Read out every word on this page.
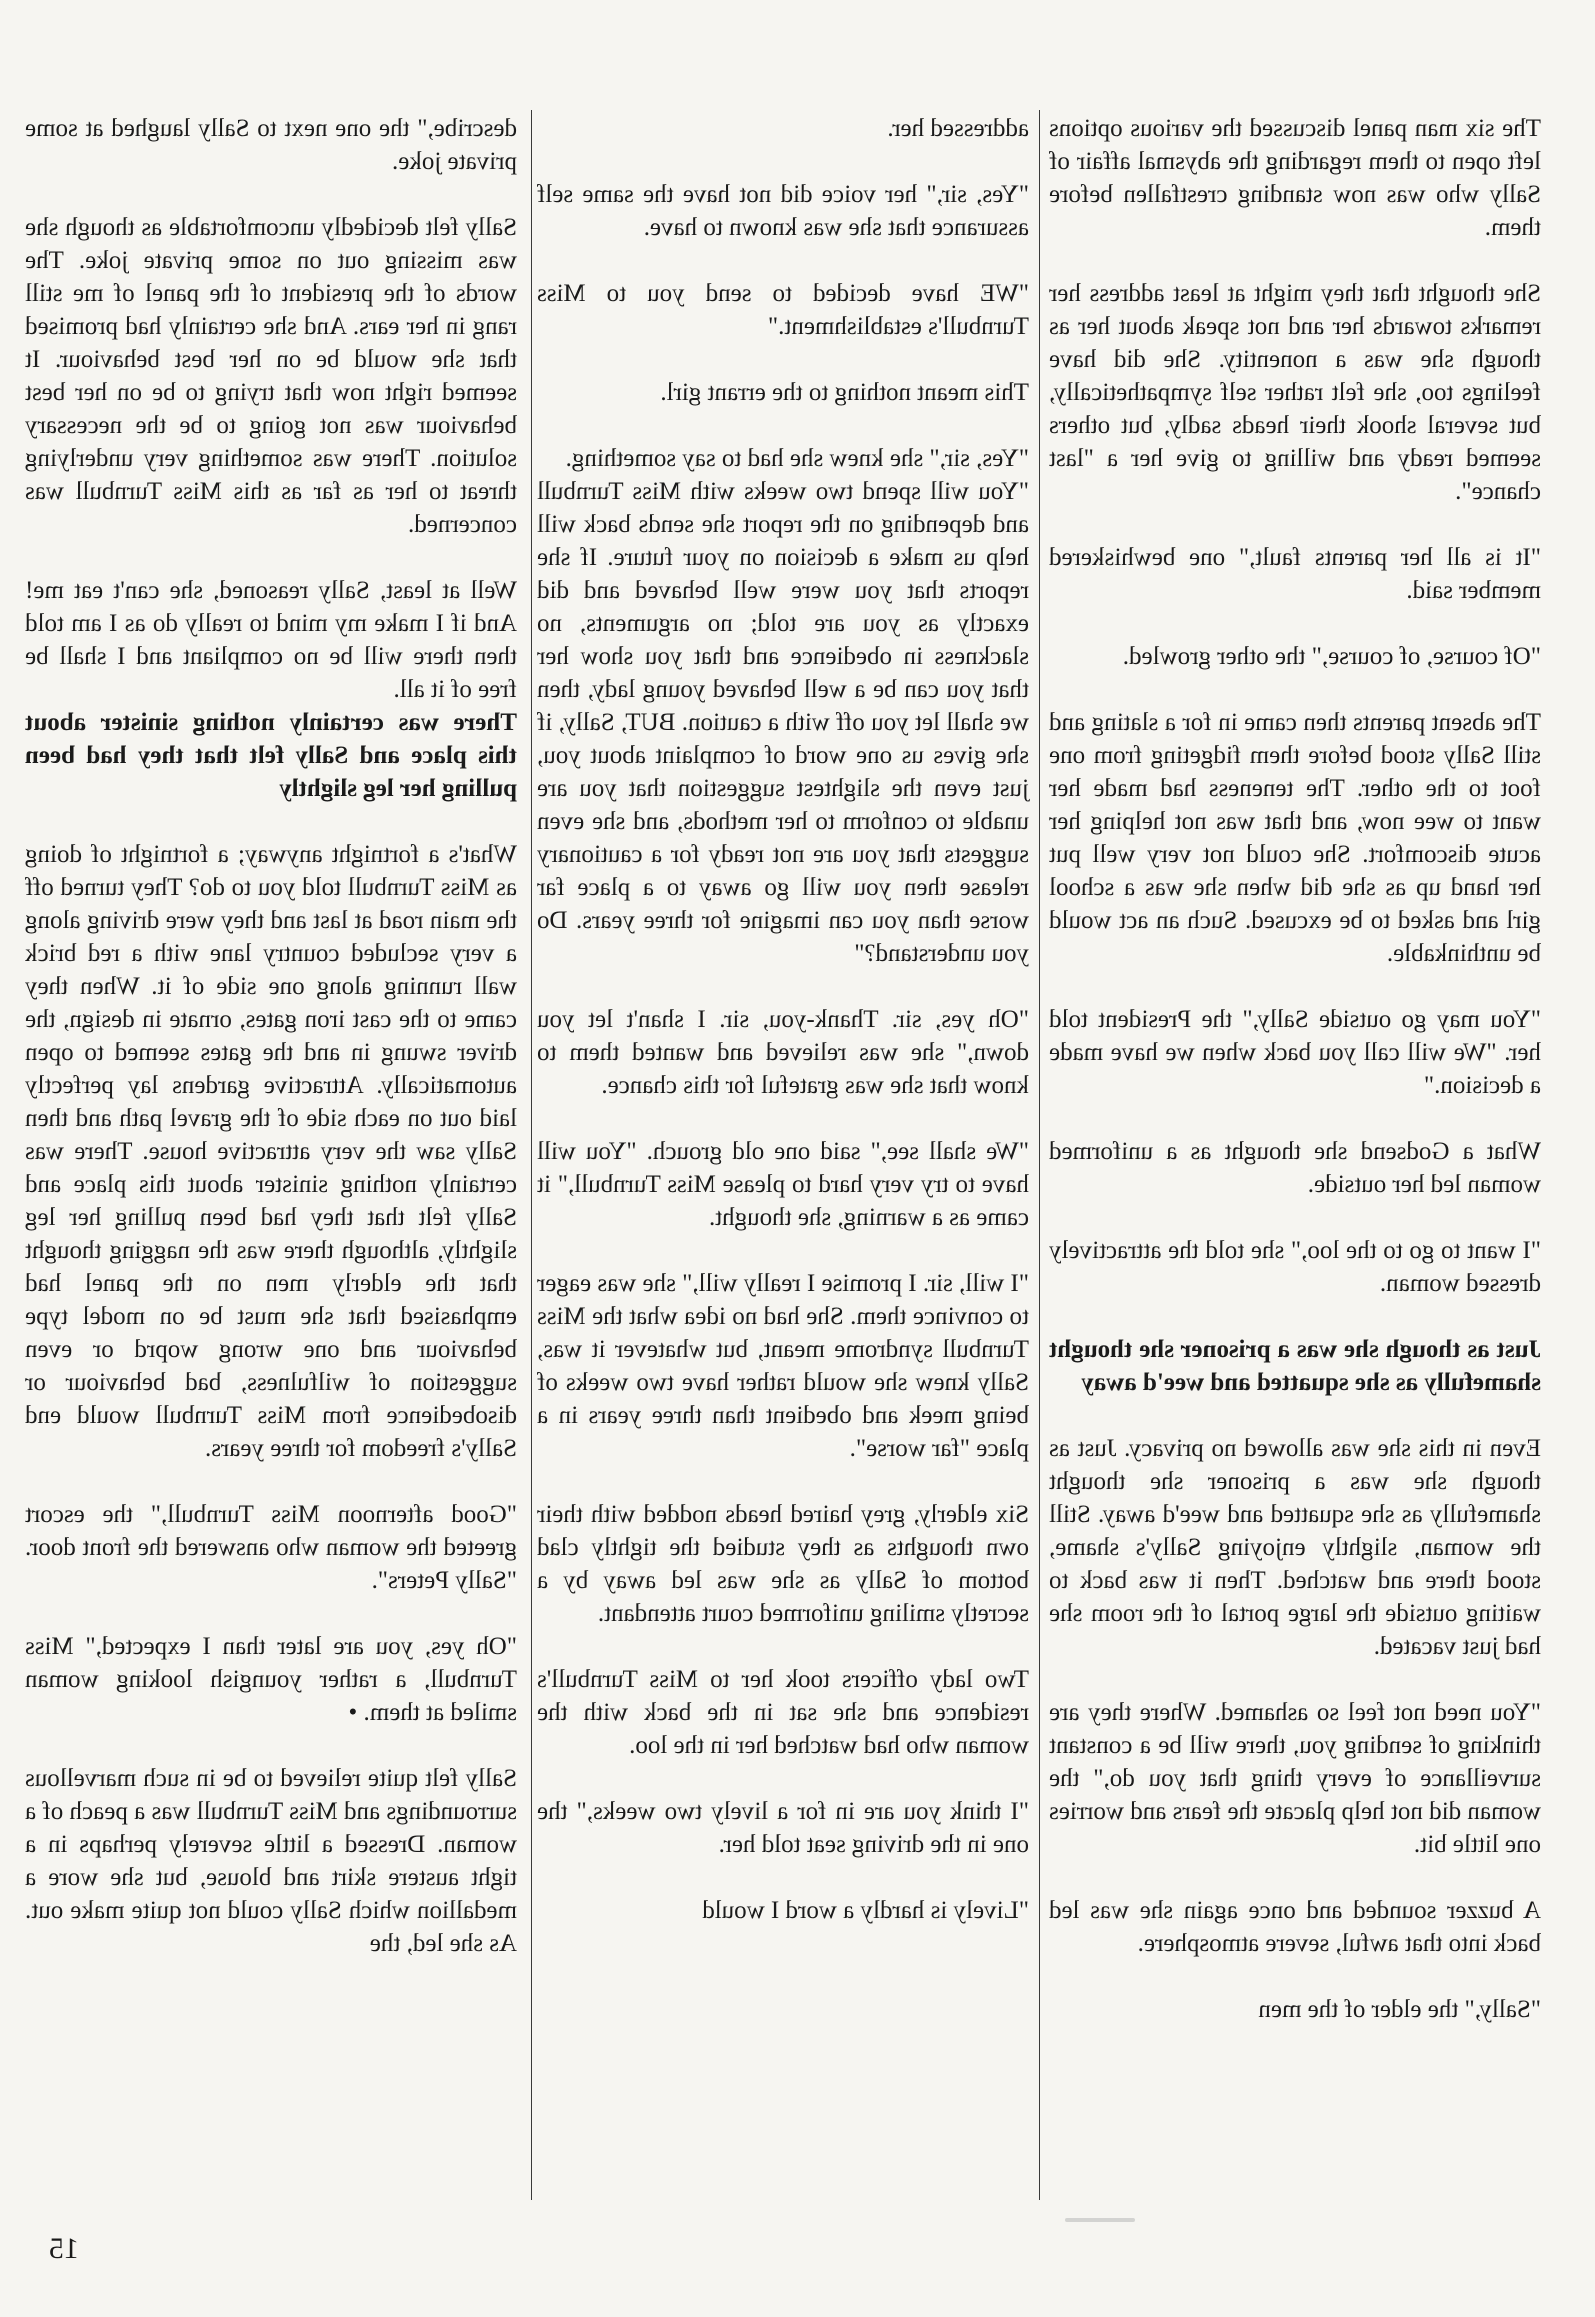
The six man panel discussed the various options left open to them regarding the abysmal affair of Sally who was now standing crestfallen before them.

She thought that they might at least address her remarks towards her and not speak about her as though she was a nonentity. She did have feelings too, she felt rather self sympathetically, but several shook their heads sadly, but others seemed ready and willing to give her a "last chance".

"It is all her parents fault," one bewhiskered member said.

"Of course, of course," the other growled.

The absent parents then came in for a slating and still Sally stood before them fidgeting from one foot to the other. The teneness had made her want to wee now, and that was not helping her acute discomfort. She could not very well put her hand up as she did when she was a school girl and asked to be excused. Such an act would be unthinkable.

"You may go outside Sally," the President told her. "We will call you back when we have made a decision."

What a Godsend she thought as a uniformed woman led her outside.

"I want to go to the loo," she told the attractively dressed woman.

Just as though she was a prisoner she thought shamefully as she squatted and wee'd away

Even in this she was allowed no privacy. Just as though she was a prisoner she thought shamefully as she squatted and wee'd away. Still the woman, slightly enjoying Sally's shame, stood there and watched. Then it was back to waiting outside the large portal of the room she had just vacated.

"You need not feel so ashamed. Where they are thinking of sending you, there will be a constant surveillance of every thing that you do," the woman did not help placate the fears and worries one little bit.

A buzzer sounded and once again she was led back into that awful, severe atmosphere.

"Sally," the elder of the men

addressed her.

"Yes, sir," her voice did not have the same self assurance that she was known to have.

"WE have decided to send you to Miss Turnbull's establishment."

This meant nothing to the errant girl.

"Yes, sir," she knew she had to say something.

"You will spend two weeks with Miss Turnbull and depending on the report she sends back will help us make a decision on your future. If she reports that you were well behaved and did exactly as you are told; no arguments, no slackness in obedience and that you show her that you can be a well behaved young lady, then we shall let you off with a caution. BUT, Sally, if she gives us one word of complaint about you, just even the slightest suggestion that you are unable to conform to her methods, and she even suggests that you are not ready for a cautionary release then you will go away to a place far worse than you can imagine for three years. Do you understand?"

"Oh yes, sir. Thank-you, sir. I shan't let you down," she was relieved and wanted them to know that she was grateful for this chance.

"We shall see," said one old grouch. "You will have to try very hard to please Miss Turnbull," it came as a warning, she thought.

"I will, sir. I promise I really will," she was eager to convince them. She had no idea what the Miss Turnbull syndrome meant, but whatever it was, Sally knew she would rather have two weeks of being meek and obedient than three years in a place "far worse".

Six elderly, grey haired heads nodded with their own thoughts as they studied the tightly clad bottom of Sally as she was led away by a secretly smiling uniformed court attendant.

Two lady officers took her to Miss Turnbull's residence and she sat in the back with the woman who had watched her in the loo.

"I think you are in for a lively two weeks," the one in the driving seat told her.

"Lively is hardly a word I would

describe," the one next to Sally laughed at some private joke.

Sally felt decidedly uncomfortable as though she was missing out on some private joke. The words of the president of the panel of me still rang in her ears. And she certainly had promised that she would be on her best behaviour. It seemed right now that trying to be on her best behaviour was not going to be the necessary solution. There was something very underlying threat to her as far as this Miss Turnbull was concerned.

Well at least, Sally reasoned, she can't eat me! And if I make my mind to really do as I am told then there will be no compliant and I shall be free of it all.

There was certainly nothing sinister about this place and Sally felt that they had been pulling her leg slightly

What's a fortnight anyway; a fortnight of doing as Miss Turnbull told you to do? They turned off the main road at last and they were driving along a very secluded country lane with a red brick wall running along one side of it. When they came to the cast iron gates, ornate in design, the driver swung in and the gates seemed to open automatically. Attractive gardens lay perfectly laid out on each side of the gravel path and then Sally saw the very attractive house. There was certainly nothing sinister about this place and Sally felt that they had been pulling her leg slightly, although there was the nagging thought that the elderly men on the panel had emphasised that she must be on model type behaviour and one wrong woprd or even suggestion of wilfulness, bad behaviour or disobedience from Miss Turnbull would end Sally's freedom for three years.

"Good afternoon Miss Turnbull," the escort greeted the woman who answered the front door. "Sally Peters".

"Oh yes, you are later than I expected," Miss Turnbull, a rather youngish looking woman smiled at them. •

Sally felt quite relieved to be in such marvellous surroundings and Miss Turnbull was a peach of a woman. Dressed a little severely perhaps in a tight austere skirt and blouse, but she wore a medallion which Sally could not quite make out. As she led, the

15
